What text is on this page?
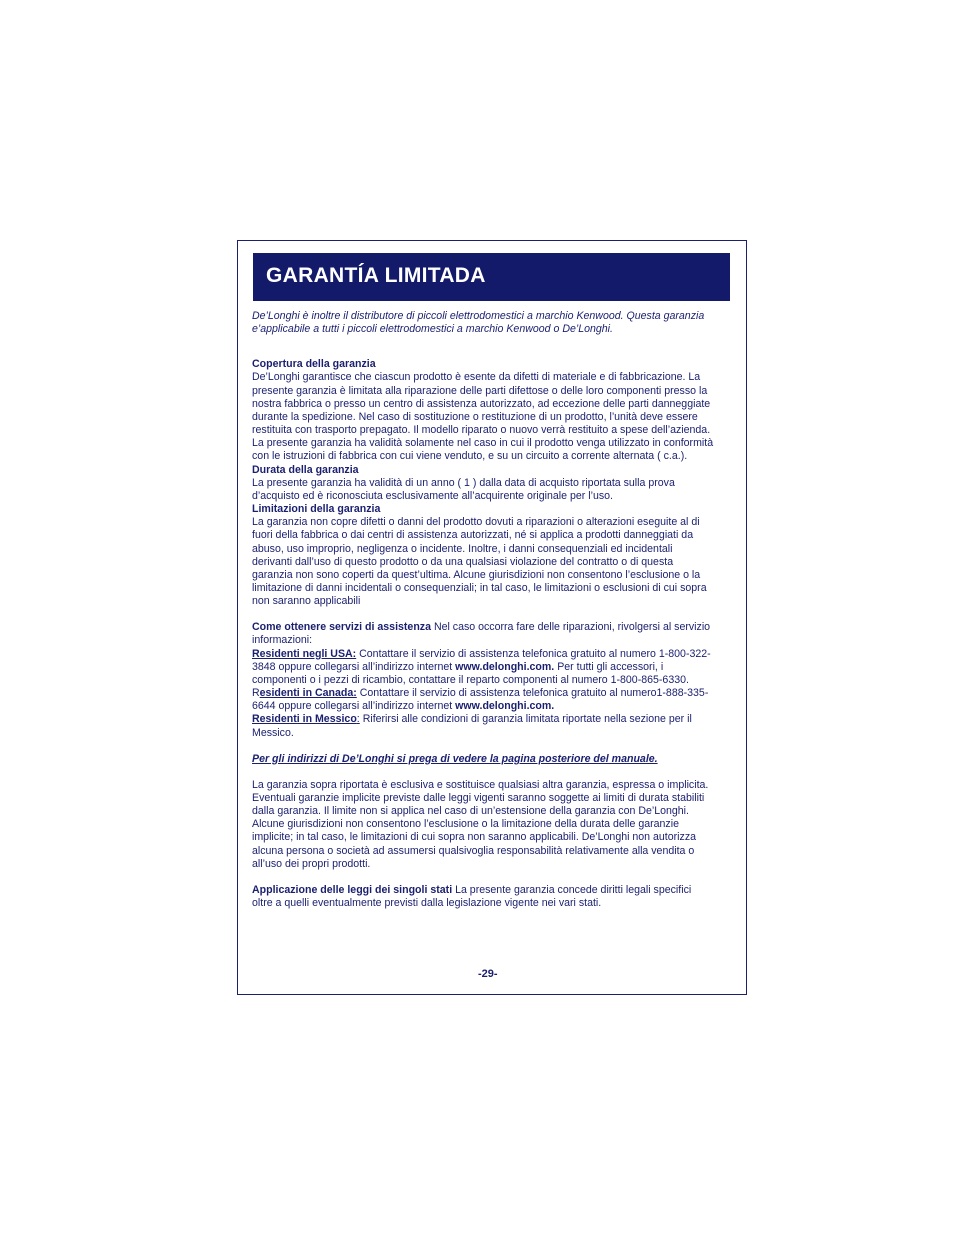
GARANTÍA LIMITADA

De’Longhi è inoltre il distributore di piccoli elettrodomestici a marchio Kenwood. Questa garanzia

e’applicabile a tutti i piccoli elettrodomestici a marchio Kenwood o De’Longhi.

Copertura della garanzia

De’Longhi garantisce che ciascun prodotto è esente da difetti di materiale e di fabbricazione. La

presente garanzia è limitata alla riparazione delle parti difettose o delle loro componenti presso la

nostra fabbrica o presso un centro di assistenza autorizzato, ad eccezione delle parti danneggiate

durante la spedizione. Nel caso di sostituzione o restituzione di un prodotto, l’unità deve essere

restituita con trasporto prepagato. Il modello riparato o nuovo verrà restituito a spese dell’azienda.

La presente garanzia ha validità solamente nel caso in cui il prodotto venga utilizzato in conformità

con le istruzioni di fabbrica con cui viene venduto, e su un circuito a corrente alternata ( c.a.).

Durata della garanzia

La presente garanzia ha validità di un anno ( 1 ) dalla data di acquisto riportata sulla prova

d’acquisto ed è riconosciuta esclusivamente all’acquirente originale per l’uso.

Limitazioni della garanzia

La garanzia non copre difetti o danni del prodotto dovuti a riparazioni o alterazioni eseguite al di

fuori della fabbrica o dai centri di assistenza autorizzati, né si applica a prodotti danneggiati da

abuso, uso improprio, negligenza o incidente. Inoltre, i danni consequenziali ed incidentali

derivanti dall’uso di questo prodotto o da una qualsiasi violazione del contratto o di questa

garanzia non sono coperti da quest’ultima. Alcune giurisdizioni non consentono l’esclusione o la

limitazione di danni incidentali o consequenziali; in tal caso, le limitazioni o esclusioni di cui sopra

non saranno applicabili

Come ottenere servizi di assistenza Nel caso occorra fare delle riparazioni, rivolgersi al servizio

informazioni:

Residenti negli USA: Contattare il servizio di assistenza telefonica gratuito al numero 1-800-322-

3848 oppure collegarsi all’indirizzo internet www.delonghi.com. Per tutti gli accessori, i

componenti o i pezzi di ricambio, contattare il reparto componenti al numero 1-800-865-6330.

Residenti in Canada: Contattare il servizio di assistenza telefonica gratuito al numero1-888-335-

6644 oppure collegarsi all’indirizzo internet www.delonghi.com.

Residenti in Messico: Riferirsi alle condizioni di garanzia limitata riportate nella sezione per il

Messico.

Per gli indirizzi di De’Longhi si prega di vedere la pagina posteriore del manuale.

La garanzia sopra riportata è esclusiva e sostituisce qualsiasi altra garanzia, espressa o implicita.

Eventuali garanzie implicite previste dalle leggi vigenti saranno soggette ai limiti di durata stabiliti

dalla garanzia. Il limite non si applica nel caso di un’estensione della garanzia con De’Longhi.

Alcune giurisdizioni non consentono l’esclusione o la limitazione della durata delle garanzie

implicite; in tal caso, le limitazioni di cui sopra non saranno applicabili. De’Longhi non autorizza

alcuna persona o società ad assumersi qualsivoglia responsabilità relativamente alla vendita o

all’uso dei propri prodotti.

Applicazione delle leggi dei singoli stati La presente garanzia concede diritti legali specifici

oltre a quelli eventualmente previsti dalla legislazione vigente nei vari stati.

-29-
